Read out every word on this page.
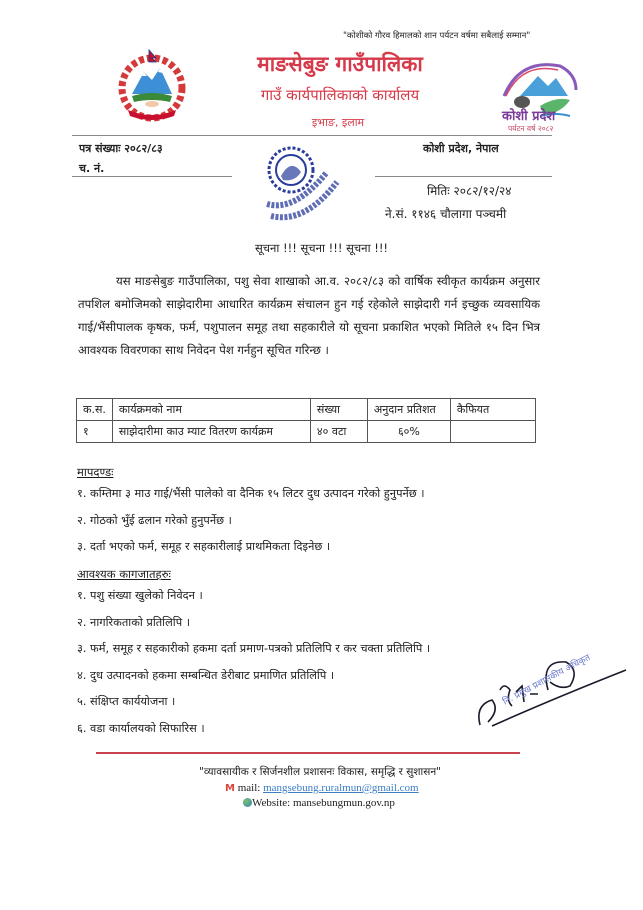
"कोशीको गौरव हिमालको शान पर्यटन वर्षमा सबैलाई सम्मान"
माङसेबुङ गाउँपालिका
गाउँ कार्यपालिकाको कार्यालय
इभाङ, इलाम	कोशी प्रदेश
पर्यटन वर्ष २०८२
पत्र संख्याः २०८२/८३
च. नं.
कोशी प्रदेश, नेपाल
मितिः २०८२/१२/२४
ने.सं. ११४६ चौलागा पञ्चमी
सूचना !!! सूचना !!! सूचना !!!

यस माङसेबुङ गाउँपालिका, पशु सेवा शाखाको आ.व. २०८२/८३ को वार्षिक स्वीकृत कार्यक्रम अनुसार तपशिल बमोजिमको साझेदारीमा आधारित कार्यक्रम संचालन हुन गई रहेकोले साझेदारी गर्न इच्छुक व्यवसायिक गाई/भैंसीपालक कृषक, फर्म, पशुपालन समूह तथा सहकारीले यो सूचना प्रकाशित भएको मितिले १५ दिन भित्र आवश्यक विवरणका साथ निवेदन पेश गर्नहुन सूचित गरिन्छ ।

क.स.	कार्यक्रमको नाम	संख्या	अनुदान प्रतिशत	कैफियत
१	साझेदारीमा काउ म्याट वितरण कार्यक्रम	४० वटा	६०%	
मापदण्डः
१. कम्तिमा ३ माउ गाई/भैंसी पालेको वा दैनिक १५ लिटर दुध उत्पादन गरेको हुनुपर्नेछ ।
२. गोठको भुँई ढलान गरेको हुनुपर्नेछ ।
३. दर्ता भएको फर्म, समूह र सहकारीलाई प्राथमिकता दिइनेछ ।
आवश्यक कागजातहरुः
१. पशु संख्या खुलेको निवेदन ।
२. नागरिकताको प्रतिलिपि ।
३. फर्म, समूह र सहकारीको हकमा दर्ता प्रमाण-पत्रको प्रतिलिपि र कर चक्ता प्रतिलिपि ।
४. दुध उत्पादनको हकमा सम्बन्धित डेरीबाट प्रमाणित प्रतिलिपि ।
५. संक्षिप्त कार्ययोजना ।
६. वडा कार्यालयको सिफारिस ।
नि. प्रमुख प्रशासकीय अधिकृत
"व्यावसायीक र सिर्जनशील प्रशासनः विकास, समृद्धि र सुशासन"
M mail: mangsebung.ruralmun@gmail.com
Website: mansebungmun.gov.np
